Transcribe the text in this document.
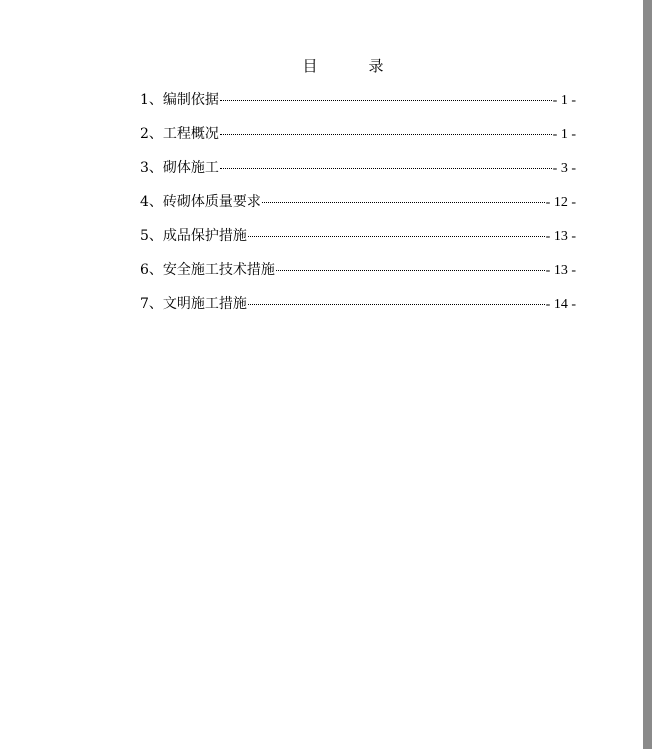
目　录
1、编制依据	- 1 -
2、工程概况	- 1 -
3、砌体施工	- 3 -
4、砖砌体质量要求	- 12 -
5、成品保护措施	- 13 -
6、安全施工技术措施	- 13 -
7、文明施工措施	- 14 -
